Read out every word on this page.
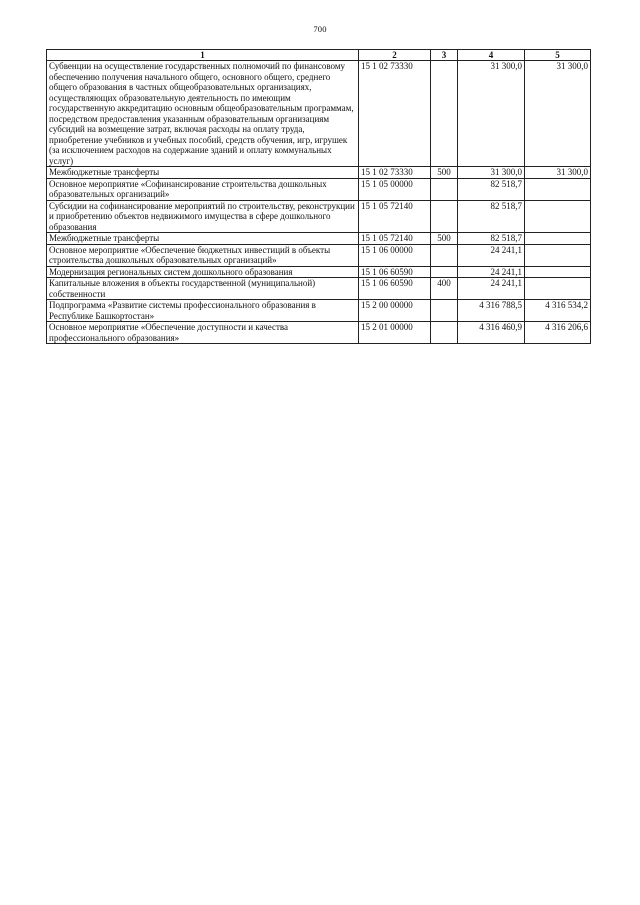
700
1	2	3	4	5
Субвенции на осуществление государственных полномочий по финансовому обеспечению получения начального общего, основного общего, среднего общего образования в частных общеобразовательных организациях, осуществляющих образовательную деятельность по имеющим государственную аккредитацию основным общеобразовательным программам, посредством предоставления указанным образовательным организациям субсидий на возмещение затрат, включая расходы на оплату труда, приобретение учебников и учебных пособий, средств обучения, игр, игрушек (за исключением расходов на содержание зданий и оплату коммунальных услуг)	15 1 02 73330		31 300,0	31 300,0
Межбюджетные трансферты	15 1 02 73330	500	31 300,0	31 300,0
Основное мероприятие «Софинансирование строительства дошкольных образовательных организаций»	15 1 05 00000		82 518,7	
Субсидии на софинансирование мероприятий по строительству, реконструкции и приобретению объектов недвижимого имущества в сфере дошкольного образования	15 1 05 72140		82 518,7	
Межбюджетные трансферты	15 1 05 72140	500	82 518,7	
Основное мероприятие «Обеспечение бюджетных инвестиций в объекты строительства дошкольных образовательных организаций»	15 1 06 00000		24 241,1	
Модернизация региональных систем дошкольного образования	15 1 06 60590		24 241,1	
Капитальные вложения в объекты государственной (муниципальной) собственности	15 1 06 60590	400	24 241,1	
Подпрограмма «Развитие системы профессионального образования в Республике Башкортостан»	15 2 00 00000		4 316 788,5	4 316 534,2
Основное мероприятие «Обеспечение доступности и качества профессионального образования»	15 2 01 00000		4 316 460,9	4 316 206,6
